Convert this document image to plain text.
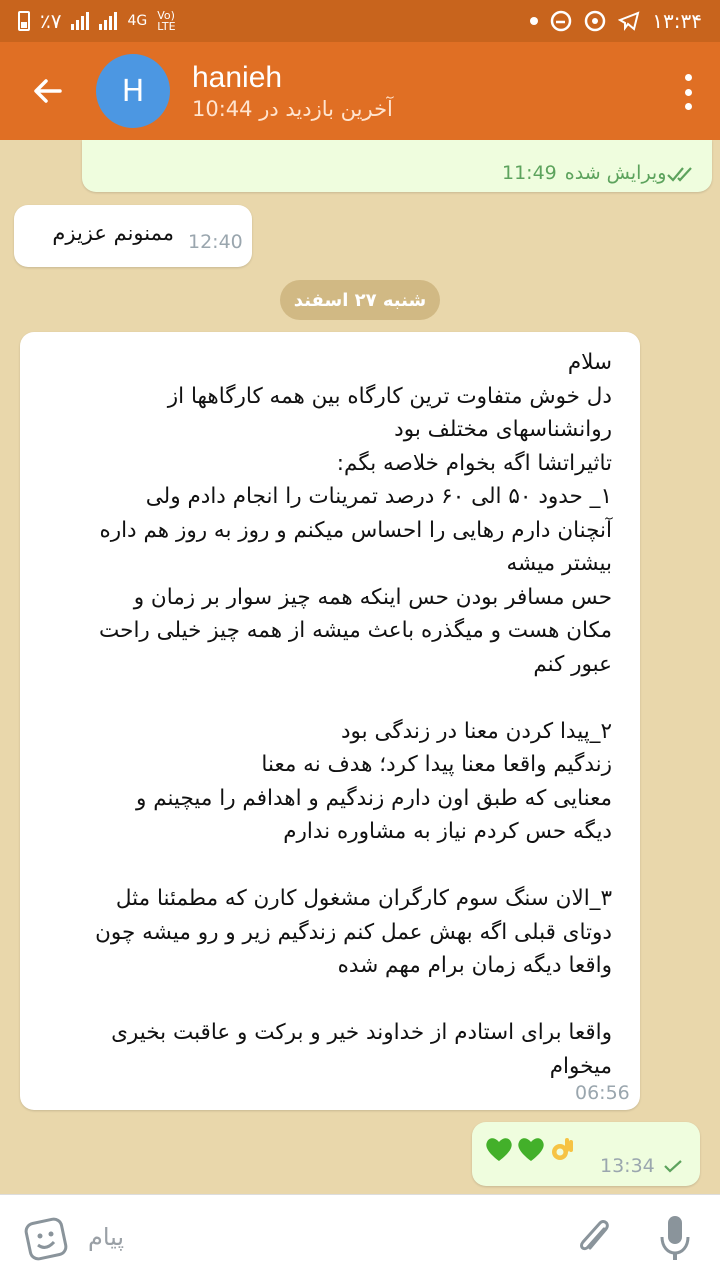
٪۷	4G Vo)
LTE	۱۳:۳۴
H	hanieh
آخرین بازدید در 10:44
ویرایش شده
11:49
ممنونم عزیزم 12:40
شنبه ۲۷ اسفند
سلام
دل خوش متفاوت ترین کارگاه بین همه کارگاهها از
روانشناسهای مختلف بود
تاثیراتشا اگه بخوام خلاصه بگم:
۱_ حدود ۵۰ الی ۶۰ درصد تمرینات را انجام دادم ولی
آنچنان دارم رهایی را احساس میکنم و روز به روز هم داره
بیشتر میشه
حس مسافر بودن حس اینکه همه چیز سوار بر زمان و
مکان هست و میگذره باعث میشه از همه چیز خیلی راحت
عبور کنم

۲_پیدا کردن معنا در زندگی بود
زندگیم واقعا معنا پیدا کرد؛ هدف نه معنا
معنایی که طبق اون دارم زندگیم و اهدافم را میچینم و
دیگه حس کردم نیاز به مشاوره ندارم

۳_الان سنگ سوم کارگران مشغول کارن که مطمئنا مثل
دوتای قبلی اگه بهش عمل کنم زندگیم زیر و رو میشه چون
واقعا دیگه زمان برام مهم شده

واقعا برای استادم از خداوند خیر و برکت و عاقبت بخیری
میخوام
06:56
13:34
پیام
